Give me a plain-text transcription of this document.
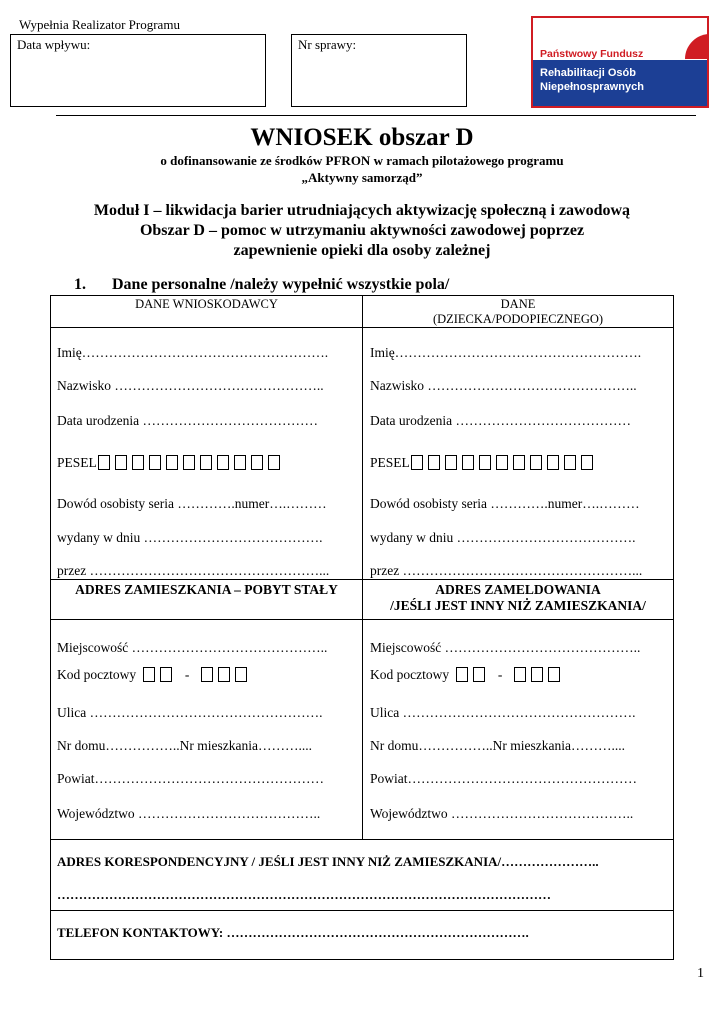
Wypełnia Realizator Programu
Data wpływu:	Nr sprawy:
Państwowy Fundusz
Rehabilitacji Osób
Niepełnosprawnych
WNIOSEK obszar D
o dofinansowanie ze środków PFRON w ramach pilotażowego programu
„Aktywny samorząd”
Moduł I – likwidacja barier utrudniających aktywizację społeczną i zawodową
Obszar D – pomoc w utrzymaniu aktywności zawodowej poprzez
zapewnienie opieki dla osoby zależnej
1. Dane personalne /należy wypełnić wszystkie pola/
DANE WNIOSKODAWCY	DANE
(DZIECKA/PODOPIECZNEGO)
Imię……………………………………………….
Nazwisko ………………………………………..
Data urodzenia …………………………………
PESEL
Dowód osobisty seria ………….numer….………
wydany w dniu ………………………………….
przez ……………………………………………...
Imię……………………………………………….
Nazwisko ………………………………………..
Data urodzenia …………………………………
PESEL
Dowód osobisty seria ………….numer….………
wydany w dniu ………………………………….
przez ……………………………………………...
ADRES ZAMIESZKANIA – POBYT STAŁY	ADRES ZAMELDOWANIA
/JEŚLI JEST INNY NIŻ ZAMIESZKANIA/
Miejscowość ……………………………………..
Kod pocztowy	-
Ulica …………………………………………….
Nr domu……………..Nr mieszkania………....
Powiat……………………………………………
Województwo …………………………………..
Miejscowość ……………………………………..
Kod pocztowy	-
Ulica …………………………………………….
Nr domu……………..Nr mieszkania………....
Powiat……………………………………………
Województwo …………………………………..
ADRES KORESPONDENCYJNY / JEŚLI JEST INNY NIŻ ZAMIESZKANIA/…………………..
……………………………………………………………………………………………………
TELEFON KONTAKTOWY: …………………………………………………………….
1
